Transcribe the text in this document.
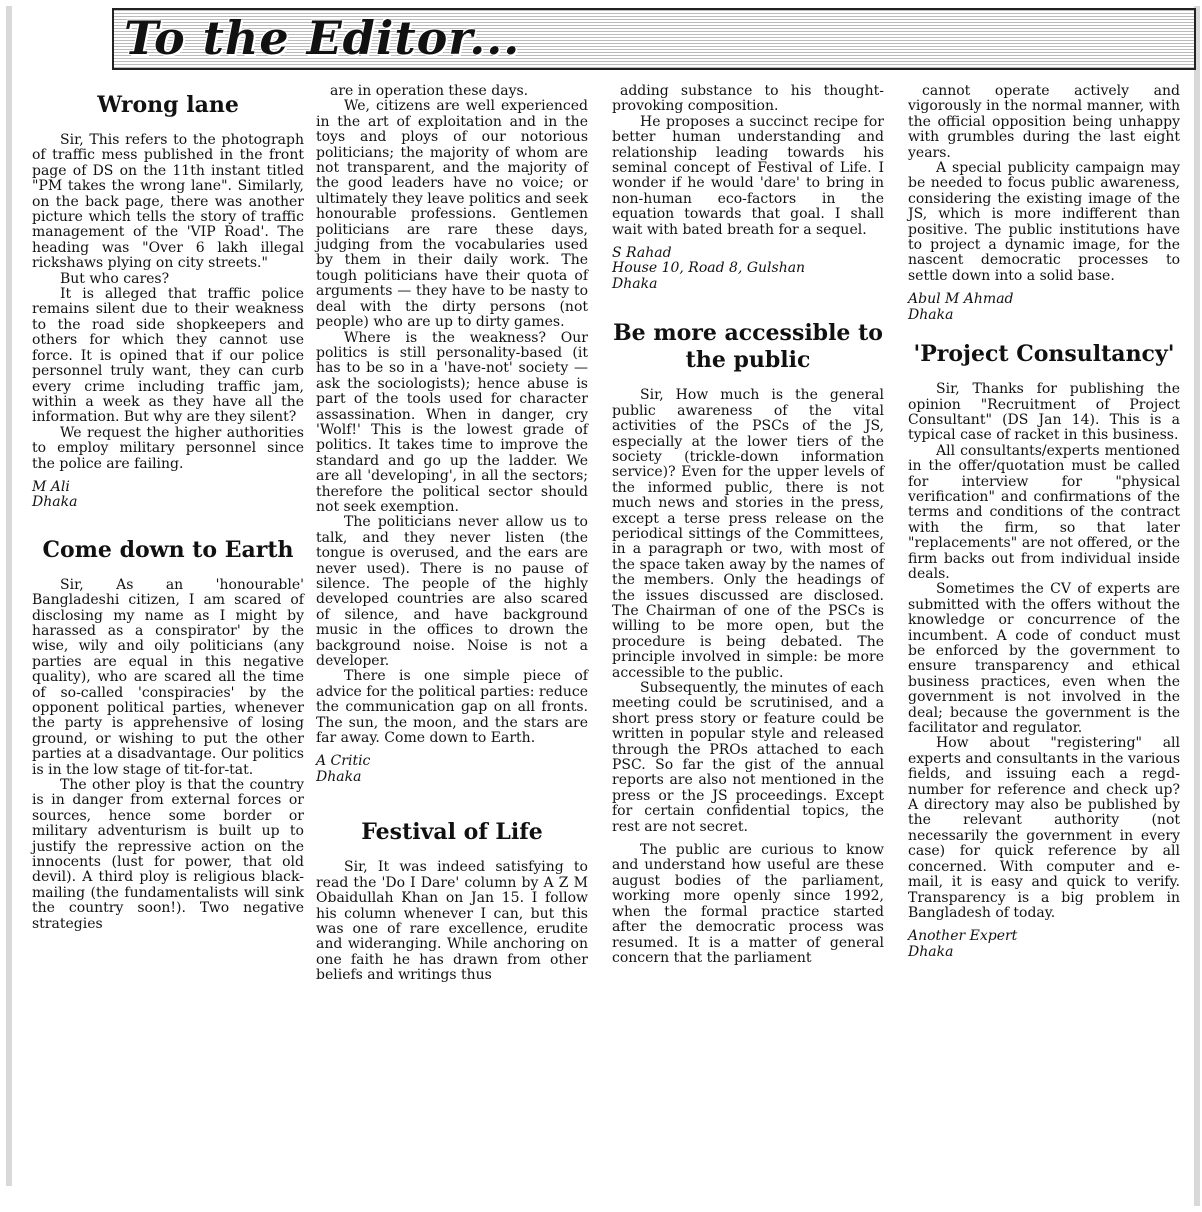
To the Editor...
Wrong lane

Sir, This refers to the photograph of traffic mess published in the front page of DS on the 11th instant titled "PM takes the wrong lane". Similarly, on the back page, there was another picture which tells the story of traffic management of the 'VIP Road'. The heading was "Over 6 lakh illegal rickshaws plying on city streets."

But who cares?

It is alleged that traffic police remains silent due to their weakness to the road side shopkeepers and others for which they cannot use force. It is opined that if our police personnel truly want, they can curb every crime including traffic jam, within a week as they have all the information. But why are they silent?

We request the higher authorities to employ military personnel since the police are failing.

M Ali

Dhaka

Come down to Earth

Sir, As an 'honourable' Bangladeshi citizen, I am scared of disclosing my name as I might by harassed as a conspirator' by the wise, wily and oily politicians (any parties are equal in this negative quality), who are scared all the time of so-called 'conspiracies' by the opponent political parties, whenever the party is apprehensive of losing ground, or wishing to put the other parties at a disadvantage. Our politics is in the low stage of tit-for-tat.

The other ploy is that the country is in danger from external forces or sources, hence some border or military adventurism is built up to justify the repressive action on the innocents (lust for power, that old devil). A third ploy is religious black-mailing (the fundamentalists will sink the country soon!). Two negative strategies

are in operation these days.

We, citizens are well experienced in the art of exploitation and in the toys and ploys of our notorious politicians; the majority of whom are not transparent, and the majority of the good leaders have no voice; or ultimately they leave politics and seek honourable professions. Gentlemen politicians are rare these days, judging from the vocabularies used by them in their daily work. The tough politicians have their quota of arguments — they have to be nasty to deal with the dirty persons (not people) who are up to dirty games.

Where is the weakness? Our politics is still personality-based (it has to be so in a 'have-not' society — ask the sociologists); hence abuse is part of the tools used for character assassination. When in danger, cry 'Wolf!' This is the lowest grade of politics. It takes time to improve the standard and go up the ladder. We are all 'developing', in all the sectors; therefore the political sector should not seek exemption.

The politicians never allow us to talk, and they never listen (the tongue is overused, and the ears are never used). There is no pause of silence. The people of the highly developed countries are also scared of silence, and have background music in the offices to drown the background noise. Noise is not a developer.

There is one simple piece of advice for the political parties: reduce the communication gap on all fronts. The sun, the moon, and the stars are far away. Come down to Earth.

A Critic

Dhaka

Festival of Life

Sir, It was indeed satisfying to read the 'Do I Dare' column by A Z M Obaidullah Khan on Jan 15. I follow his column whenever I can, but this was one of rare excellence, erudite and wideranging. While anchoring on one faith he has drawn from other beliefs and writings thus

adding substance to his thought-provoking composition.

He proposes a succinct recipe for better human understanding and relationship leading towards his seminal concept of Festival of Life. I wonder if he would 'dare' to bring in non-human eco-factors in the equation towards that goal. I shall wait with bated breath for a sequel.

S Rahad

House 10, Road 8, Gulshan

Dhaka

Be more accessible to the public

Sir, How much is the general public awareness of the vital activities of the PSCs of the JS, especially at the lower tiers of the society (trickle-down information service)? Even for the upper levels of the informed public, there is not much news and stories in the press, except a terse press release on the periodical sittings of the Committees, in a paragraph or two, with most of the space taken away by the names of the members. Only the headings of the issues discussed are disclosed. The Chairman of one of the PSCs is willing to be more open, but the procedure is being debated. The principle involved in simple: be more accessible to the public.

Subsequently, the minutes of each meeting could be scrutinised, and a short press story or feature could be written in popular style and released through the PROs attached to each PSC. So far the gist of the annual reports are also not mentioned in the press or the JS proceedings. Except for certain confidential topics, the rest are not secret.

The public are curious to know and understand how useful are these august bodies of the parliament, working more openly since 1992, when the formal practice started after the democratic process was resumed. It is a matter of general concern that the parliament

cannot operate actively and vigorously in the normal manner, with the official opposition being unhappy with grumbles during the last eight years.

A special publicity campaign may be needed to focus public awareness, considering the existing image of the JS, which is more indifferent than positive. The public institutions have to project a dynamic image, for the nascent democratic processes to settle down into a solid base.

Abul M Ahmad

Dhaka

'Project Consultancy'

Sir, Thanks for publishing the opinion "Recruitment of Project Consultant" (DS Jan 14). This is a typical case of racket in this business.

All consultants/experts mentioned in the offer/quotation must be called for interview for "physical verification" and confirmations of the terms and conditions of the contract with the firm, so that later "replacements" are not offered, or the firm backs out from individual inside deals.

Sometimes the CV of experts are submitted with the offers without the knowledge or concurrence of the incumbent. A code of conduct must be enforced by the government to ensure transparency and ethical business practices, even when the government is not involved in the deal; because the government is the facilitator and regulator.

How about "registering" all experts and consultants in the various fields, and issuing each a regd-number for reference and check up? A directory may also be published by the relevant authority (not necessarily the government in every case) for quick reference by all concerned. With computer and e-mail, it is easy and quick to verify. Transparency is a big problem in Bangladesh of today.

Another Expert

Dhaka
